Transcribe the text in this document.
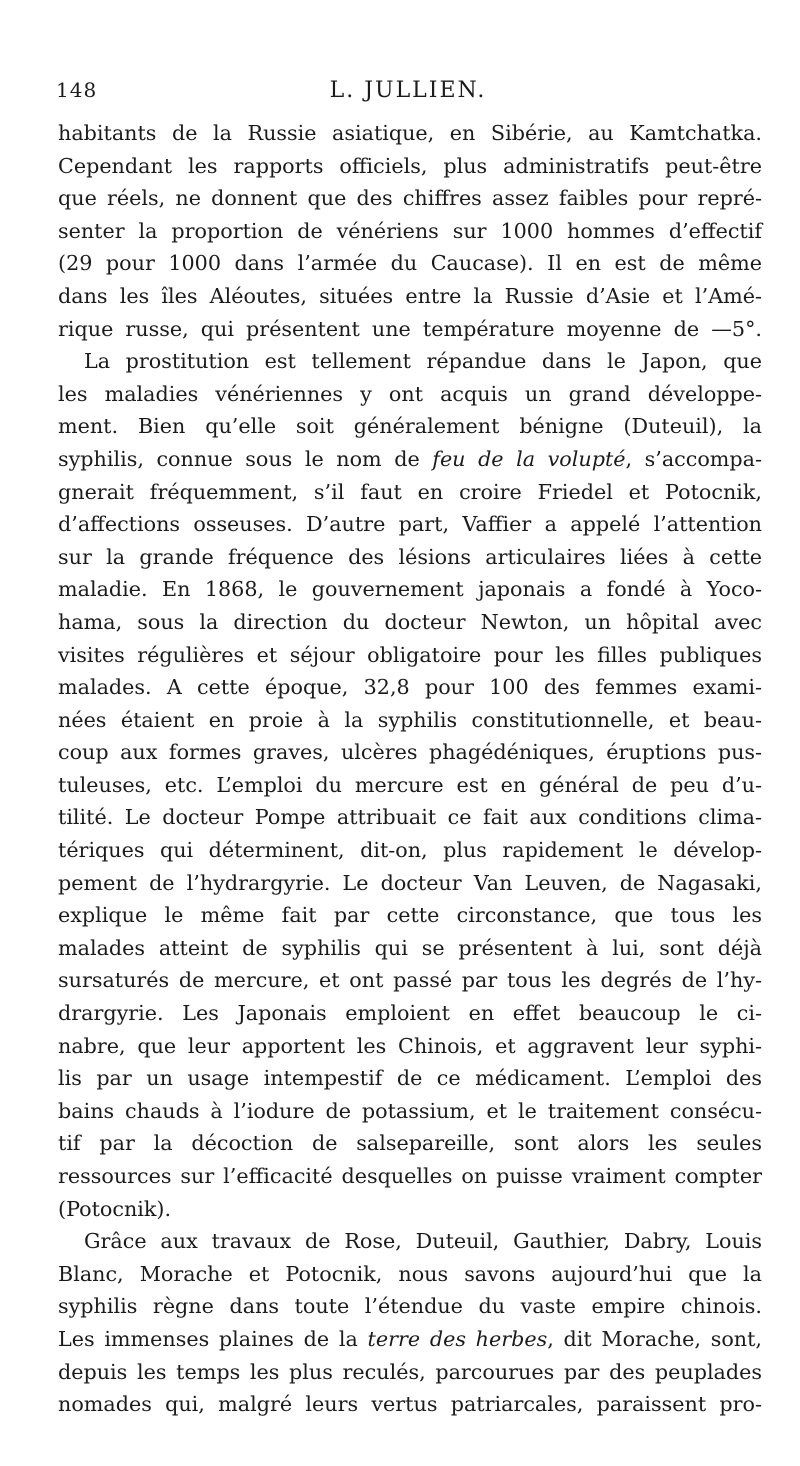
148	L. JULLIEN.
habitants de la Russie asiatique, en Sibérie, au Kamtchatka.
Cependant les rapports officiels, plus administratifs peut-être
que réels, ne donnent que des chiffres assez faibles pour repré-
senter la proportion de vénériens sur 1000 hommes d’effectif
(29 pour 1000 dans l’armée du Caucase). Il en est de même
dans les îles Aléoutes, situées entre la Russie d’Asie et l’Amé-
rique russe, qui présentent une température moyenne de —5°.
La prostitution est tellement répandue dans le Japon, que
les maladies vénériennes y ont acquis un grand développe-
ment. Bien qu’elle soit généralement bénigne (Duteuil), la
syphilis, connue sous le nom de feu de la volupté, s’accompa-
gnerait fréquemment, s’il faut en croire Friedel et Potocnik,
d’affections osseuses. D’autre part, Vaffier a appelé l’attention
sur la grande fréquence des lésions articulaires liées à cette
maladie. En 1868, le gouvernement japonais a fondé à Yoco-
hama, sous la direction du docteur Newton, un hôpital avec
visites régulières et séjour obligatoire pour les filles publiques
malades. A cette époque, 32,8 pour 100 des femmes exami-
nées étaient en proie à la syphilis constitutionnelle, et beau-
coup aux formes graves, ulcères phagédéniques, éruptions pus-
tuleuses, etc. L’emploi du mercure est en général de peu d’u-
tilité. Le docteur Pompe attribuait ce fait aux conditions clima-
tériques qui déterminent, dit-on, plus rapidement le dévelop-
pement de l’hydrargyrie. Le docteur Van Leuven, de Nagasaki,
explique le même fait par cette circonstance, que tous les
malades atteint de syphilis qui se présentent à lui, sont déjà
sursaturés de mercure, et ont passé par tous les degrés de l’hy-
drargyrie. Les Japonais emploient en effet beaucoup le ci-
nabre, que leur apportent les Chinois, et aggravent leur syphi-
lis par un usage intempestif de ce médicament. L’emploi des
bains chauds à l’iodure de potassium, et le traitement consécu-
tif par la décoction de salsepareille, sont alors les seules
ressources sur l’efficacité desquelles on puisse vraiment compter
(Potocnik).
Grâce aux travaux de Rose, Duteuil, Gauthier, Dabry, Louis
Blanc, Morache et Potocnik, nous savons aujourd’hui que la
syphilis règne dans toute l’étendue du vaste empire chinois.
Les immenses plaines de la terre des herbes, dit Morache, sont,
depuis les temps les plus reculés, parcourues par des peuplades
nomades qui, malgré leurs vertus patriarcales, paraissent pro-
